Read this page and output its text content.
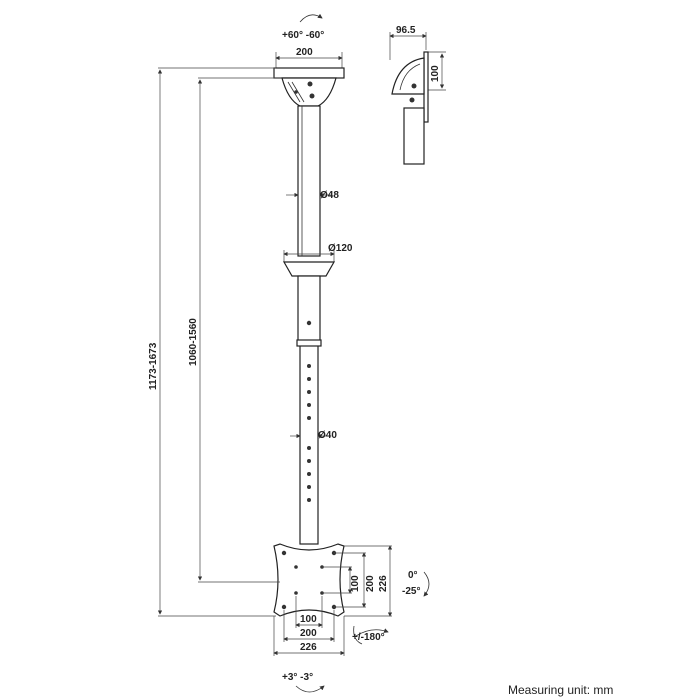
+60° -60°
200
Ø48
Ø120
Ø40
1173-1673
1060-1560
100 200 226 0°
-25°
100
200
226
+/-180°
+3° -3°
96.5
100
Measuring unit: mm
